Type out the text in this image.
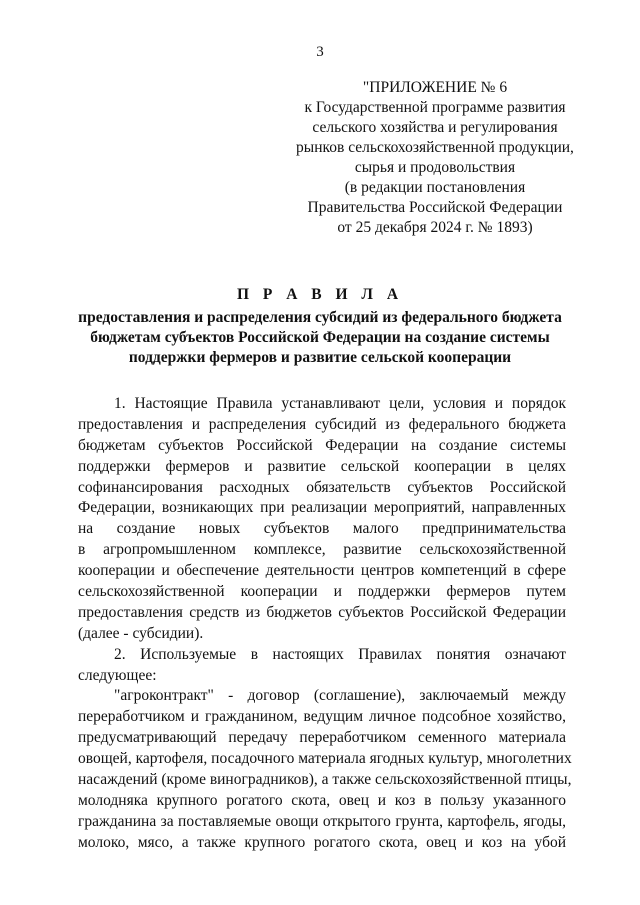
3
"ПРИЛОЖЕНИЕ № 6
к Государственной программе развития
сельского хозяйства и регулирования
рынков сельскохозяйственной продукции,
сырья и продовольствия
(в редакции постановления
Правительства Российской Федерации
от 25 декабря 2024 г. № 1893)
П Р А В И Л А
предоставления и распределения субсидий из федерального бюджета
бюджетам субъектов Российской Федерации на создание системы
поддержки фермеров и развитие сельской кооперации
1. Настоящие Правила устанавливают цели, условия и порядок
предоставления и распределения субсидий из федерального бюджета
бюджетам субъектов Российской Федерации на создание системы
поддержки фермеров и развитие сельской кооперации в целях
софинансирования расходных обязательств субъектов Российской
Федерации, возникающих при реализации мероприятий, направленных
на создание новых субъектов малого предпринимательства
в агропромышленном комплексе, развитие сельскохозяйственной
кооперации и обеспечение деятельности центров компетенций в сфере
сельскохозяйственной кооперации и поддержки фермеров путем
предоставления средств из бюджетов субъектов Российской Федерации
(далее - субсидии).
2. Используемые в настоящих Правилах понятия означают
следующее:
"агроконтракт" - договор (соглашение), заключаемый между
переработчиком и гражданином, ведущим личное подсобное хозяйство,
предусматривающий передачу переработчиком семенного материала
овощей, картофеля, посадочного материала ягодных культур, многолетних
насаждений (кроме виноградников), а также сельскохозяйственной птицы,
молодняка крупного рогатого скота, овец и коз в пользу указанного
гражданина за поставляемые овощи открытого грунта, картофель, ягоды,
молоко, мясо, а также крупного рогатого скота, овец и коз на убой
